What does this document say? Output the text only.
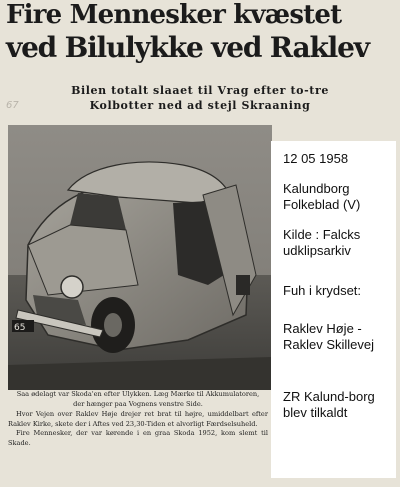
Fire Mennesker kvæstet
ved Bilulykke ved Raklev
Bilen totalt slaaet til Vrag efter to-tre
Kolbotter ned ad stejl Skraaning
67
65

Saa ødelagt var Skoda'en efter Ulykken. Læg Mærke til Akkumulatoren,
der hænger paa Vognens venstre Side.

Hvor Vejen over Raklev Høje drejer ret brat til højre, umiddelbart efter Raklev Kirke, skete der i Aftes ved 23,30-Tiden et alvorligt Færdselsuheld.

Fire Mennesker, der var kørende i en graa Skoda 1952, kom slemt til Skade.

12 05 1958
Kalundborg Folkeblad (V)
Kilde : Falcks udklipsarkiv
Fuh i krydset:
Raklev Høje - Raklev Skillevej
ZR Kalund-borg blev tilkaldt
